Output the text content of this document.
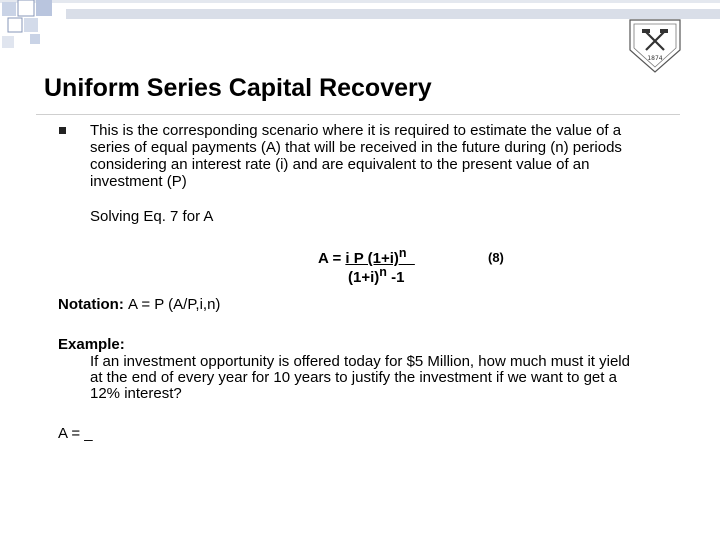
1874
Uniform Series Capital Recovery
This is the corresponding scenario where it is required to estimate the value of a
series of equal payments (A) that will be received in the future during (n) periods
considering an interest rate (i) and are equivalent to the present value of an
investment (P)
Solving Eq. 7 for A
A = i P $(1+i)^n$
$(1+i)^n$ -1
(8)
Notation: A = P (A/P,i,n)
Example:
If an investment opportunity is offered today for $5 Million, how much must it yield
at the end of every year for 10 years to justify the investment if we want to get a
12% interest?
A = _
